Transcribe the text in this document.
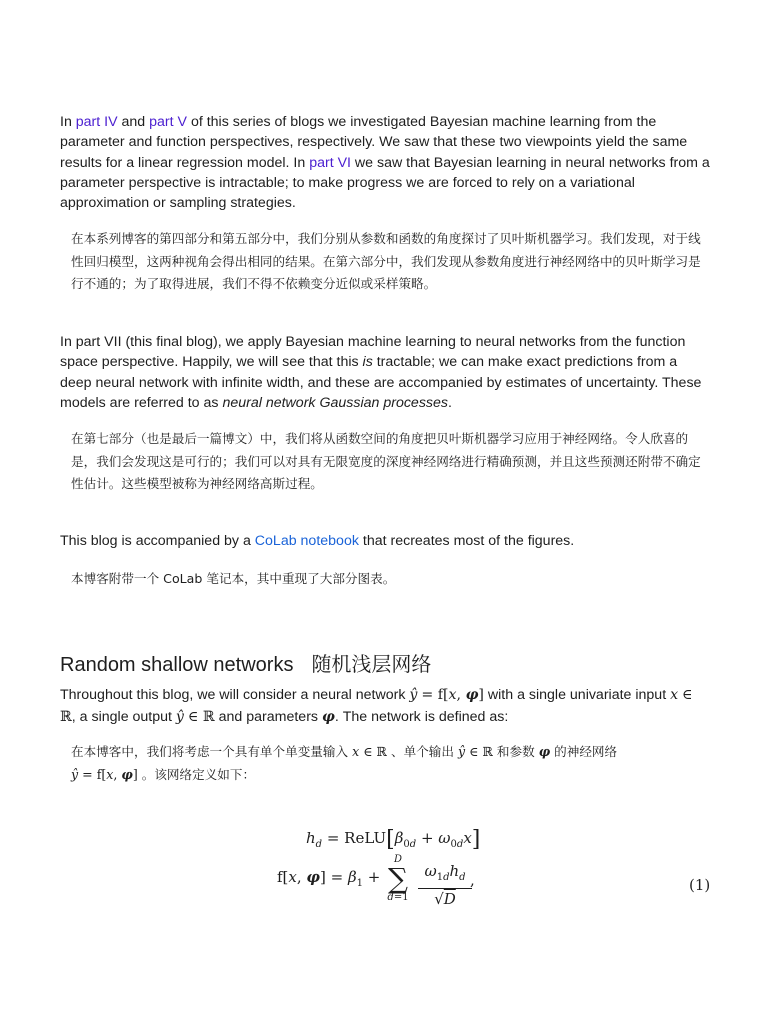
In part IV and part V of this series of blogs we investigated Bayesian machine learning from the parameter and function perspectives, respectively. We saw that these two viewpoints yield the same results for a linear regression model. In part VI we saw that Bayesian learning in neural networks from a parameter perspective is intractable; to make progress we are forced to rely on a variational approximation or sampling strategies.

在本系列博客的第四部分和第五部分中，我们分别从参数和函数的角度探讨了贝叶斯机器学习。我们发现，对于线性回归模型，这两种视角会得出相同的结果。在第六部分中，我们发现从参数角度进行神经网络中的贝叶斯学习是行不通的；为了取得进展，我们不得不依赖变分近似或采样策略。

In part VII (this final blog), we apply Bayesian machine learning to neural networks from the function space perspective. Happily, we will see that this is tractable; we can make exact predictions from a deep neural network with infinite width, and these are accompanied by estimates of uncertainty. These models are referred to as neural network Gaussian processes.

在第七部分（也是最后一篇博文）中，我们将从函数空间的角度把贝叶斯机器学习应用于神经网络。令人欣喜的是，我们会发现这是可行的；我们可以对具有无限宽度的深度神经网络进行精确预测，并且这些预测还附带不确定性估计。这些模型被称为神经网络高斯过程。

This blog is accompanied by a CoLab notebook that recreates most of the figures.

本博客附带一个 CoLab 笔记本，其中重现了大部分图表。

Random shallow networks 随机浅层网络

Throughout this blog, we will consider a neural network ŷ = f[x, φ] with a single univariate input x ∈ ℝ, a single output ŷ ∈ ℝ and parameters φ. The network is defined as:

在本博客中，我们将考虑一个具有单个单变量输入 x ∈ ℝ 、单个输出 ŷ ∈ ℝ 和参数 φ 的神经网络
ŷ = f[x, φ] 。该网络定义如下：

$h_d$ = $ReLU[\beta_{0d} + \omega_{0d}x]$
f[x, $\varphi] = \beta_1$ +
D
∑
d=1
$\omega_{1d}h_d$
√D
,	(1)
